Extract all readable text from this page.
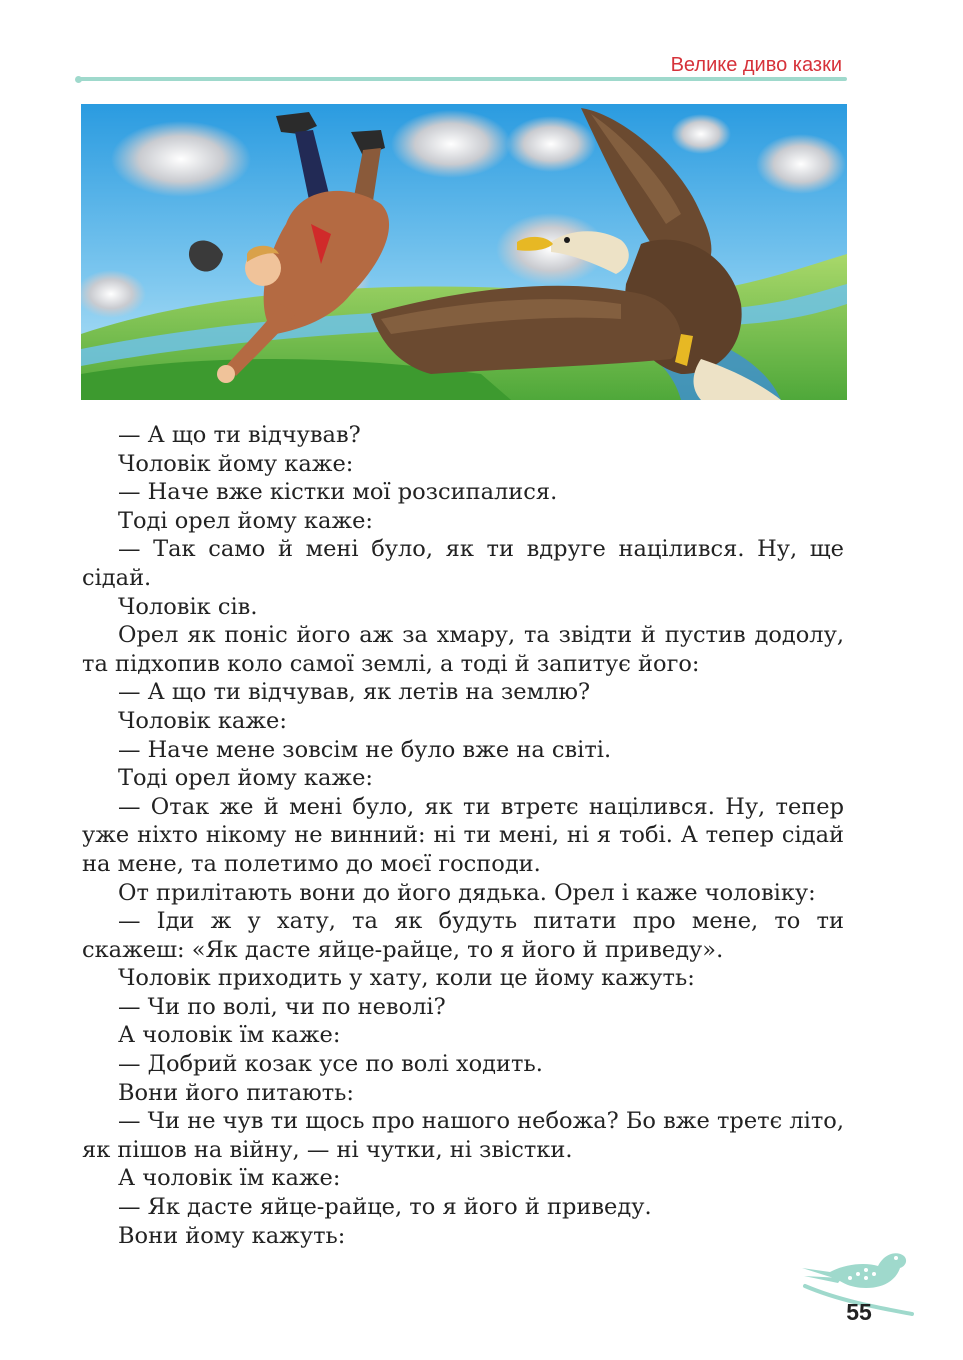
Велике диво казки

— А що ти відчував?

Чоловік йому каже:

— Наче вже кістки мої розсипалися.

Тоді орел йому каже:

— Так само й мені було, як ти вдруге націлився. Ну, ще сідай.

Чоловік сів.

Орел як поніс його аж за хмару, та звідти й пустив додолу, та підхопив коло самої землі, а тоді й запитує його:

— А що ти відчував, як летів на землю?

Чоловік каже:

— Наче мене зовсім не було вже на світі.

Тоді орел йому каже:

— Отак же й мені було, як ти втретє націлився. Ну, тепер уже ніхто нікому не винний: ні ти мені, ні я тобі. А тепер сідай на мене, та полетимо до моєї господи.

От прилітають вони до його дядька. Орел і каже чоловіку:

— Іди ж у хату, та як будуть питати про мене, то ти скажеш: «Як дасте яйце-райце, то я його й приведу».

Чоловік приходить у хату, коли це йому кажуть:

— Чи по волі, чи по неволі?

А чоловік їм каже:

— Добрий козак усе по волі ходить.

Вони його питають:

— Чи не чув ти щось про нашого небожа? Бо вже третє літо, як пішов на війну, — ні чутки, ні звістки.

А чоловік їм каже:

— Як дасте яйце-райце, то я його й приведу.

Вони йому кажуть:

55
